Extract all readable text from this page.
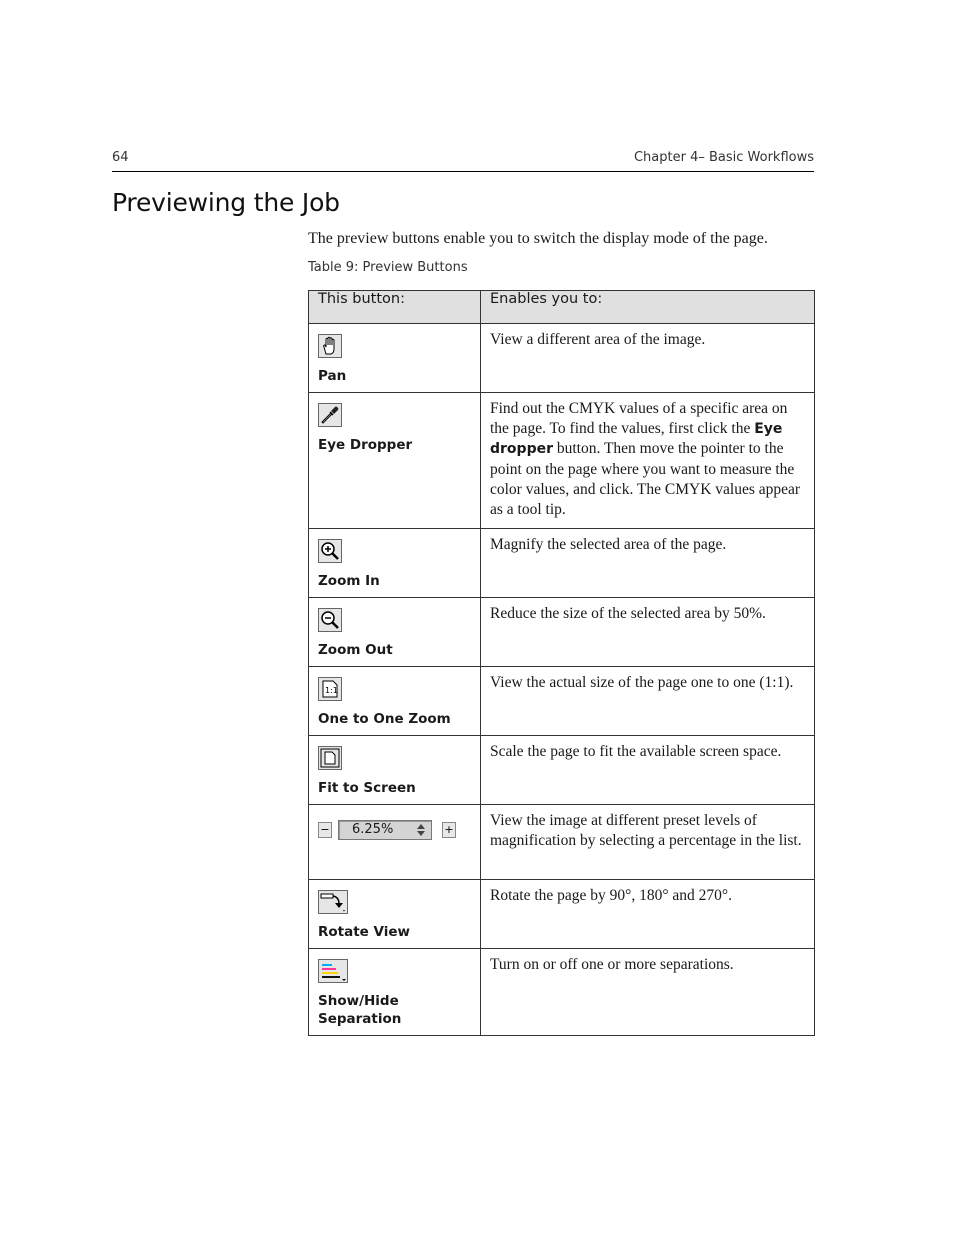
64	Chapter 4– Basic Workflows
Previewing the Job
The preview buttons enable you to switch the display mode of the page.
Table 9: Preview Buttons
This button:	Enables you to:

Pan	View a different area of the image.

Eye Dropper	Find out the CMYK values of a specific area on the page. To find the values, first click the Eye dropper button. Then move the pointer to the point on the page where you want to measure the color values, and click. The CMYK values appear as a tool tip.

Zoom In	Magnify the selected area of the page.

Zoom Out	Reduce the size of the selected area by 50%.

1:1
One to One Zoom	View the actual size of the page one to one (1:1).

Fit to Screen	Scale the page to fit the available screen space.

− 6.25% +	View the image at different preset levels of magnification by selecting a percentage in the list.

Rotate View	Rotate the page by 90°, 180° and 270°.

Show/Hide Separation	Turn on or off one or more separations.
